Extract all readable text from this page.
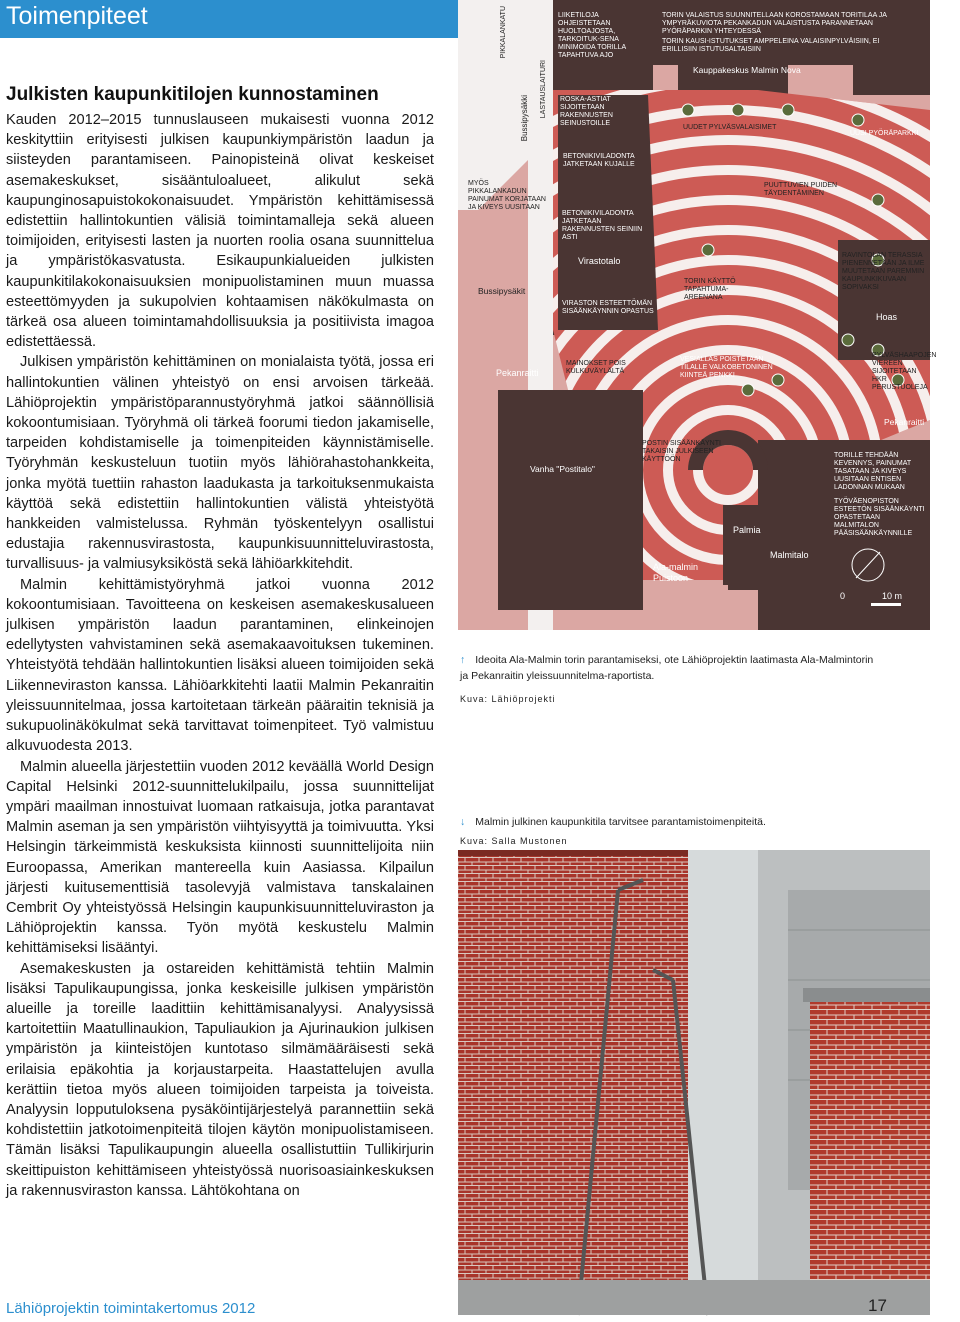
Toimenpiteet
Julkisten kaupunkitilojen kunnostaminen

Kauden 2012–2015 tunnuslauseen mukaisesti vuonna 2012 keskityttiin erityisesti julkisen kaupunkiympäristön laadun ja siisteyden parantamiseen. Painopisteinä olivat keskeiset asemakeskukset, sisääntuloalueet, alikulut sekä kaupunginosapuistokokonaisuudet. Ympäristön kehittämisessä edistettiin hallintokuntien välisiä toimintamalleja sekä alueen toimijoiden, erityisesti lasten ja nuorten roolia osana suunnittelua ja ympäristökasvatusta. Esikaupunkialueiden julkisten kaupunkitilakokonaisuuksien monipuolistaminen muun muassa esteettömyyden ja sukupolvien kohtaamisen näkökulmasta on tärkeä osa alueen toimintamahdollisuuksia ja positiivista imagoa edistettäessä.

Julkisen ympäristön kehittäminen on monialaista työtä, jossa eri hallintokuntien välinen yhteistyö on ensi arvoisen tärkeää. Lähiöprojektin ympäristöparannustyöryhmä jatkoi säännöllisiä kokoontumisiaan. Työryhmä oli tärkeä foorumi tiedon jakamiselle, tarpeiden kohdistamiselle ja toimenpiteiden käynnistämiselle. Työryhmän keskusteluun tuotiin myös lähiörahastohankkeita, jonka myötä tuettiin rahaston laadukasta ja tarkoituksenmukaista käyttöä sekä edistettiin hallintokuntien välistä yhteistyötä hankkeiden valmistelussa. Ryhmän työskentelyyn osallistui edustajia rakennusvirastosta, kaupunkisuunnitteluvirastosta, turvallisuus- ja valmiusyksiköstä sekä lähiöarkkitehdit.

Malmin kehittämistyöryhmä jatkoi vuonna 2012 kokoontumisiaan. Tavoitteena on keskeisen asemakeskusalueen julkisen ympäristön laadun parantaminen, elinkeinojen edellytysten vahvistaminen sekä asemakaavoituksen tukeminen. Yhteistyötä tehdään hallintokuntien lisäksi alueen toimijoiden sekä Liikenneviraston kanssa. Lähiöarkkitehti laatii Malmin Pekanraitin yleissuunnitelmaa, jossa kartoitetaan tärkeän pääraitin teknisiä ja sukupuolinäkökulmat sekä tarvittavat toimenpiteet. Työ valmistuu alkuvuodesta 2013.

Malmin alueella järjestettiin vuoden 2012 keväällä World Design Capital Helsinki 2012-suunnittelukilpailu, jossa suunnittelijat ympäri maailman innostuivat luomaan ratkaisuja, jotka parantavat Malmin aseman ja sen ympäristön viihtyisyyttä ja toimivuutta. Yksi Helsingin tärkeimmistä keskuksista kiinnosti suunnittelijoita niin Euroopassa, Amerikan mantereella kuin Aasiassa. Kilpailun järjesti kuitusementtisiä tasolevyjä valmistava tanskalainen Cembrit Oy yhteistyössä Helsingin kaupunkisuunnitteluviraston ja Lähiöprojektin kanssa. Työn myötä keskustelu Malmin kehittämiseksi lisääntyi.

Asemakeskusten ja ostareiden kehittämistä tehtiin Malmin lisäksi Tapulikaupungissa, jonka keskeisille julkisen ympäristön alueille ja toreille laadittiin kehittämisanalyysi. Analyysissä kartoitettiin Maatullinaukion, Tapuliaukion ja Ajurinaukion julkisen ympäristön ja kiinteistöjen kuntotaso silmämääräisesti sekä erilaisia epäkohtia ja korjaustarpeita. Haastattelujen avulla kerättiin tietoa myös alueen toimijoiden tarpeista ja toiveista. Analyysin lopputuloksena pysäköintijärjestelyä parannettiin sekä kohdistettiin jatkotoimenpiteitä tilojen käytön monipuolistamiseen. Tämän lisäksi Tapulikaupungin alueella osallistuttiin Tullikirjurin skeittipuiston kehittämiseen yhteistyössä nuorisoasiainkeskuksen ja rakennusviraston kanssa. Lähtökohtana on

PIKKALANKATU
Bussipysäkki LASTAUSLAITURI
LIIKETILOJA OHJEISTETAAN HUOLTOAJOSTA, TARKOITUK-SENA MINIMOIDA TORILLA TAPAHTUVA AJO
TORIN VALAISTUS SUUNNITELLAAN KOROSTAMAAN TORITILAA JA YMPYRÄKUVIOTA PEKANKADUN VALAISTUSTA PARANNETAAN PYÖRÄPARKIN YHTEYDESSÄ
TORIN KAUSI-ISTUTUKSET AMPPELEINA VALAISINPYLVÄISIIN, EI ERILLISIIN ISTUTUSALTAISIIN
Kauppakeskus Malmin Nova
ROSKA-ASTIAT SIJOITETAAN RAKENNUSTEN SEINUSTOILLE
UUDET PYLVÄSVALAISIMET
UUSI PYÖRÄPARKKI
BETONIKIVILADONTA JATKETAAN KUJALLE
MYÖS PIKKALANKADUN PAINUMAT KORJATAAN JA KIVEYS UUSITAAN
PUUTTUVIEN PUIDEN TÄYDENTÄMINEN
BETONIKIVILADONTA JATKETAAN RAKENNUSTEN SEINIIN ASTI
Virastotalo
RAVINTOLAN TERASSIA PIENENNETÄÄN JA ILME MUUTETAAN PAREMMIN KAUPUNKIKUVAAN SOPIVAKSI
TORIN KÄYTTÖ TAPAHTUMA-AREENANA
Bussipysäkit
VIRASTON ESTEETTÖMÄN SISÄÄNKÄYNNIN OPASTUS
Hoas
Pekanraitti
MAINOKSET POIS KULKUVÄYLÄLTÄ
VESIALLAS POISTETAAN TILALLE VALKOBETONINEN KIINTEÄ PENKKI
PYLVÄSHAAPOJEN VIEREEN SIJOITETAAN HKR PERUSTUOLEJA
Pekanraitti
POSTIN SISÄÄNKÄYNTI TAKAISIN JULKISEEN KÄYTTÖÖN
Vanha "Postitalo"
TORILLE TEHDÄÄN KEVENNYS, PAINUMAT TASATAAN JA KIVEYS UUSITAAN ENTISEN LADONNAN MUKAAN
TYÖVÄENOPISTON ESTEETÖN SISÄÄNKÄYNTI OPASTETAAN MALMITALON PÄÄSISÄÄNKÄYNNILLE
Palmia
Malmitalo
Ala-malmin Puistoon
0	10 m
↑ Ideoita Ala-Malmin torin parantamiseksi, ote Lähiöprojektin laatimasta Ala-Malmintorin ja Pekanraitin yleissuunnitelma-raportista.
Kuva: Lähiöprojekti
↓ Malmin julkinen kaupunkitila tarvitsee parantamistoimenpiteitä.
Kuva: Salla Mustonen
Lähiöprojektin toimintakertomus 2012	17
